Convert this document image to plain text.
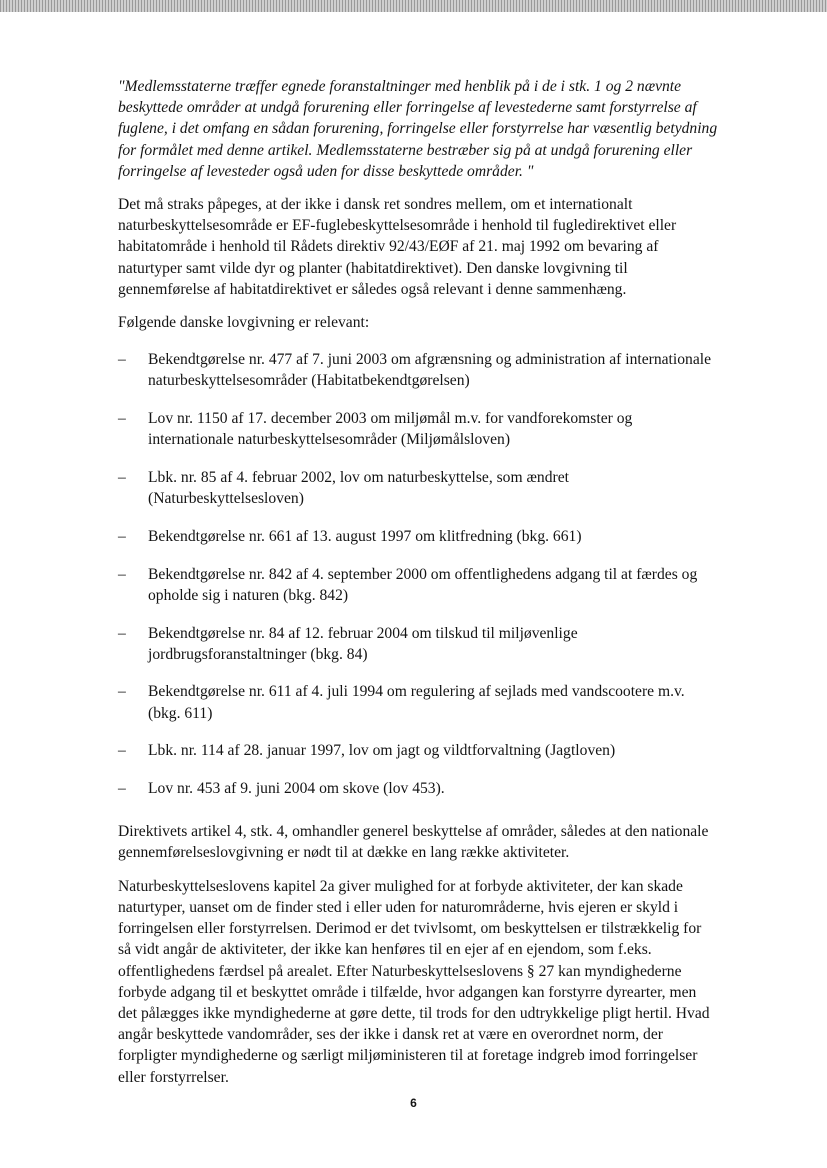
"Medlemsstaterne træffer egnede foranstaltninger med henblik på i de i stk. 1 og 2 nævnte beskyttede områder at undgå forurening eller forringelse af levestederne samt forstyrrelse af fuglene, i det omfang en sådan forurening, forringelse eller forstyrrelse har væsentlig betydning for formålet med denne artikel. Medlemsstaterne bestræber sig på at undgå forurening eller forringelse af levesteder også uden for disse beskyttede områder. "

Det må straks påpeges, at der ikke i dansk ret sondres mellem, om et internationalt naturbeskyttelsesområde er EF-fuglebeskyttelsesområde i henhold til fugledirektivet eller habitatområde i henhold til Rådets direktiv 92/43/EØF af 21. maj 1992 om bevaring af naturtyper samt vilde dyr og planter (habitatdirektivet). Den danske lovgivning til gennemførelse af habitatdirektivet er således også relevant i denne sammenhæng.

Følgende danske lovgivning er relevant:

– Bekendtgørelse nr. 477 af 7. juni 2003 om afgrænsning og administration af internationale naturbeskyttelsesområder (Habitatbekendtgørelsen)
– Lov nr. 1150 af 17. december 2003 om miljømål m.v. for vandforekomster og internationale naturbeskyttelsesområder (Miljømålsloven)
– Lbk. nr. 85 af 4. februar 2002, lov om naturbeskyttelse, som ændret (Naturbeskyttelsesloven)
– Bekendtgørelse nr. 661 af 13. august 1997 om klitfredning (bkg. 661)
– Bekendtgørelse nr. 842 af 4. september 2000 om offentlighedens adgang til at færdes og opholde sig i naturen (bkg. 842)
– Bekendtgørelse nr. 84 af 12. februar 2004 om tilskud til miljøvenlige jordbrugsforanstaltninger (bkg. 84)
– Bekendtgørelse nr. 611 af 4. juli 1994 om regulering af sejlads med vandscootere m.v. (bkg. 611)
– Lbk. nr. 114 af 28. januar 1997, lov om jagt og vildtforvaltning (Jagtloven)
– Lov nr. 453 af 9. juni 2004 om skove (lov 453).

Direktivets artikel 4, stk. 4, omhandler generel beskyttelse af områder, således at den nationale gennemførelseslovgivning er nødt til at dække en lang række aktiviteter.

Naturbeskyttelseslovens kapitel 2a giver mulighed for at forbyde aktiviteter, der kan skade naturtyper, uanset om de finder sted i eller uden for naturområderne, hvis ejeren er skyld i forringelsen eller forstyrrelsen. Derimod er det tvivlsomt, om beskyttelsen er tilstrækkelig for så vidt angår de aktiviteter, der ikke kan henføres til en ejer af en ejendom, som f.eks. offentlighedens færdsel på arealet. Efter Naturbeskyttelseslovens § 27 kan myndighederne forbyde adgang til et beskyttet område i tilfælde, hvor adgangen kan forstyrre dyrearter, men det pålægges ikke myndighederne at gøre dette, til trods for den udtrykkelige pligt hertil. Hvad angår beskyttede vandområder, ses der ikke i dansk ret at være en overordnet norm, der forpligter myndighederne og særligt miljøministeren til at foretage indgreb imod forringelser eller forstyrrelser.

6
